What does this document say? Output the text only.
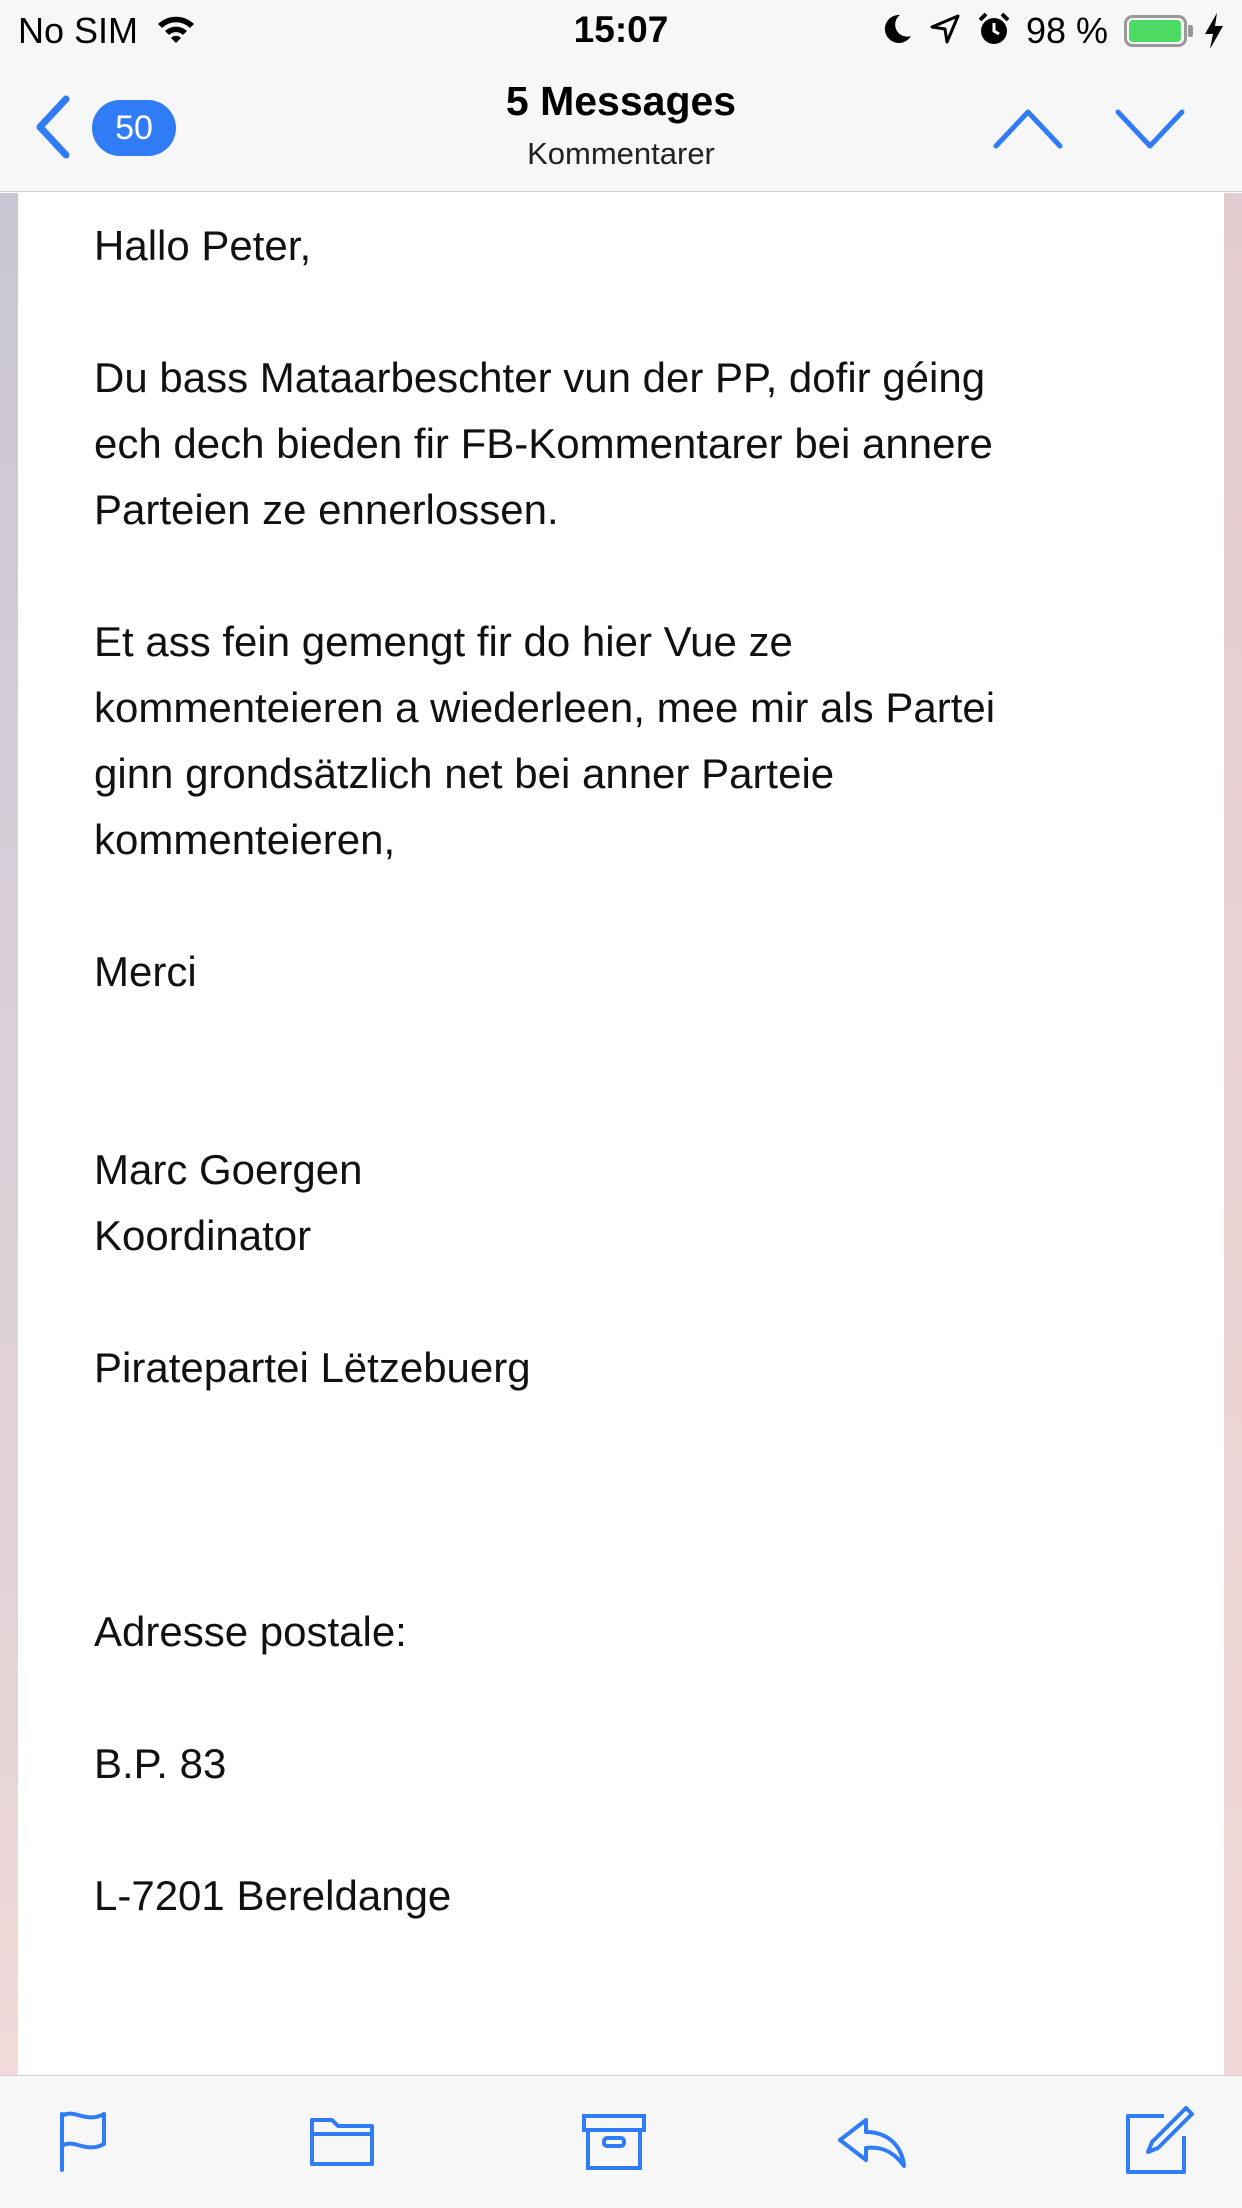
No SIM	15:07	98 %
50
5 Messages
Kommentarer
Hallo Peter,
Du bass Mataarbeschter vun der PP, dofir géing
ech dech bieden fir FB-Kommentarer bei annere
Parteien ze ennerlossen.
Et ass fein gemengt fir do hier Vue ze
kommenteieren a wiederleen, mee mir als Partei
ginn grondsätzlich net bei anner Parteie
kommenteieren,
Merci
Marc Goergen
Koordinator
Piratepartei Lëtzebuerg
Adresse postale:
B.P. 83
L-7201 Bereldange
